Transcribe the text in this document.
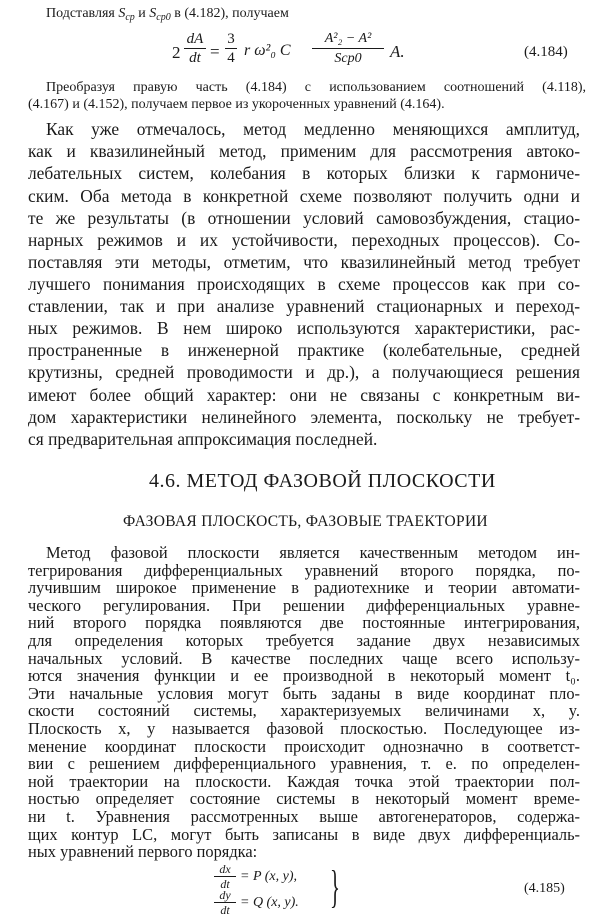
Подставляя $S_{ср}$ и $S_{ср0}$ в (4.182), получаем
2
dA
dt =
3
4 r ω²₀ C
A²₂ − A²
Sср0	A.	(4.184)
Преобразуя правую часть (4.184) с использованием соотношений (4.118),
(4.167) и (4.152), получаем первое из укороченных уравнений (4.164).
Как уже отмечалось, метод медленно меняющихся амплитуд,
как и квазилинейный метод, применим для рассмотрения автоко-
лебательных систем, колебания в которых близки к гармониче-
ским. Оба метода в конкретной схеме позволяют получить одни и
те же результаты (в отношении условий самовозбуждения, стацио-
нарных режимов и их устойчивости, переходных процессов). Со-
поставляя эти методы, отметим, что квазилинейный метод требует
лучшего понимания происходящих в схеме процессов как при со-
ставлении, так и при анализе уравнений стационарных и переход-
ных режимов. В нем широко используются характеристики, рас-
пространенные в инженерной практике (колебательные, средней
крутизны, средней проводимости и др.), а получающиеся решения
имеют более общий характер: они не связаны с конкретным ви-
дом характеристики нелинейного элемента, поскольку не требует-
ся предварительная аппроксимация последней.
4.6. МЕТОД ФАЗОВОЙ ПЛОСКОСТИ
ФАЗОВАЯ ПЛОСКОСТЬ, ФАЗОВЫЕ ТРАЕКТОРИИ
Метод фазовой плоскости является качественным методом ин-
тегрирования дифференциальных уравнений второго порядка, по-
лучившим широкое применение в радиотехнике и теории автомати-
ческого регулирования. При решении дифференциальных уравне-
ний второго порядка появляются две постоянные интегрирования,
для определения которых требуется задание двух независимых
начальных условий. В качестве последних чаще всего использу-
ются значения функции и ее производной в некоторый момент t₀.
Эти начальные условия могут быть заданы в виде координат пло-
скости состояний системы, характеризуемых величинами x, y.
Плоскость x, y называется фазовой плоскостью. Последующее из-
менение координат плоскости происходит однозначно в соответст-
вии с решением дифференциального уравнения, т. е. по определен-
ной траектории на плоскости. Каждая точка этой траектории пол-
ностью определяет состояние системы в некоторый момент време-
ни t. Уравнения рассмотренных выше автогенераторов, содержа-
щих контур LC, могут быть записаны в виде двух дифференциаль-
ных уравнений первого порядка:
dx
dt = P (x, y),
dy
dt = Q (x, y). }	(4.185)
